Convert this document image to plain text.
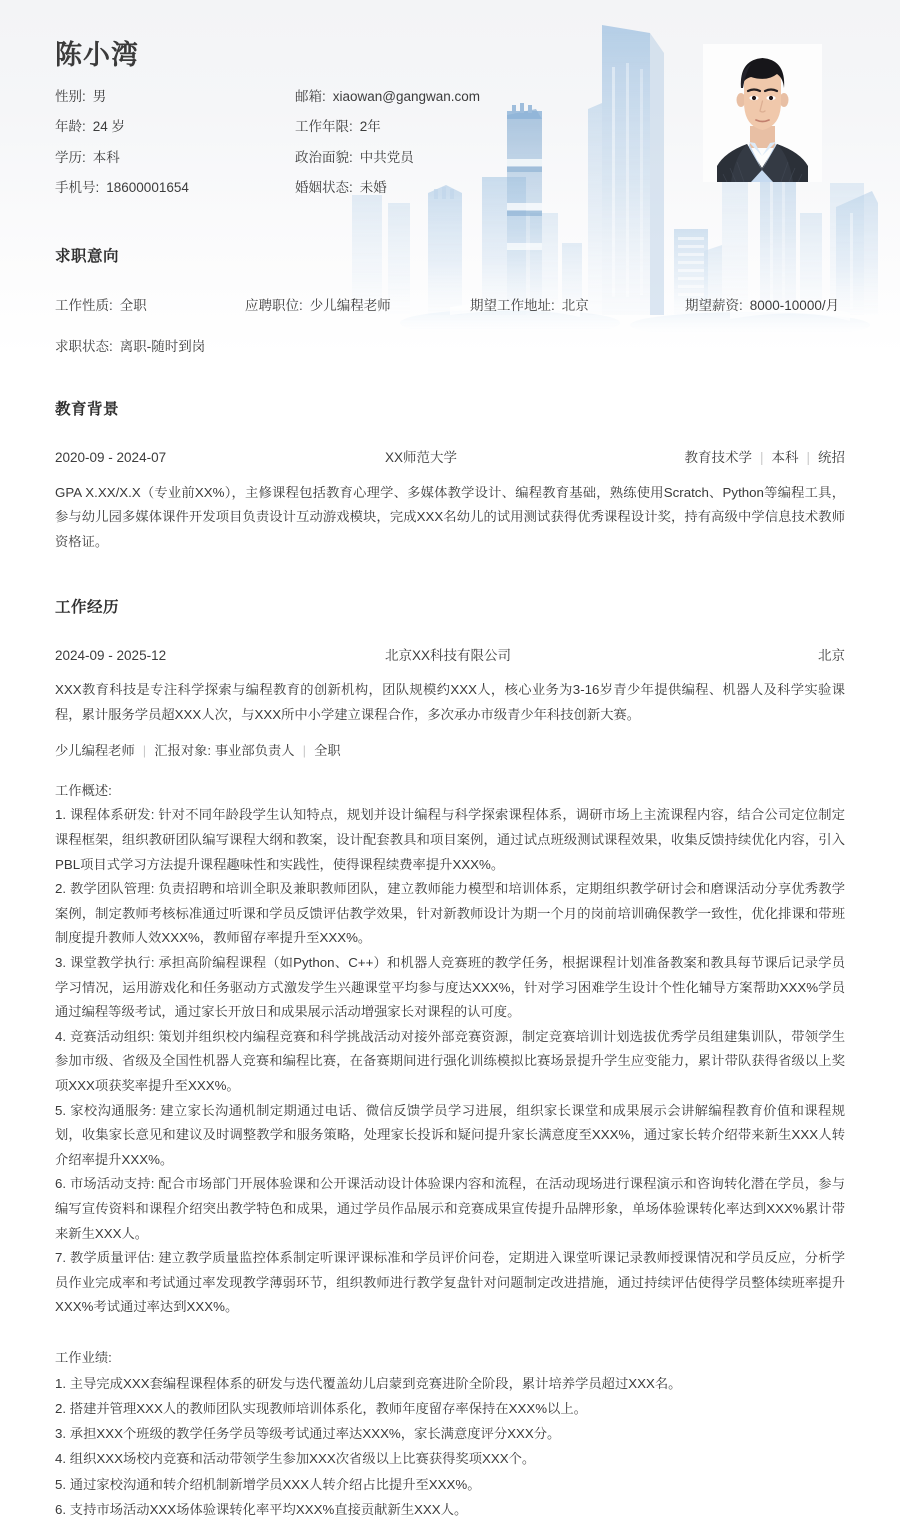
陈小湾
性别: 男	邮箱: xiaowan@gangwan.com
年龄: 24 岁	工作年限: 2年
学历: 本科	政治面貌: 中共党员
手机号: 18600001654	婚姻状态: 未婚
求职意向
工作性质: 全职	应聘职位: 少儿编程老师	期望工作地址: 北京	期望薪资: 8000-10000/月
求职状态: 离职-随时到岗
教育背景
2020-09 - 2024-07	XX师范大学	教育技术学 | 本科 | 统招
GPA X.XX/X.X（专业前XX%），主修课程包括教育心理学、多媒体教学设计、编程教育基础，熟练使用Scratch、Python等编程工具，参与幼儿园多媒体课件开发项目负责设计互动游戏模块，完成XXX名幼儿的试用测试获得优秀课程设计奖，持有高级中学信息技术教师资格证。
工作经历
2024-09 - 2025-12	北京XX科技有限公司	北京
XXX教育科技是专注科学探索与编程教育的创新机构，团队规模约XXX人，核心业务为3-16岁青少年提供编程、机器人及科学实验课程，累计服务学员超XXX人次，与XXX所中小学建立课程合作，多次承办市级青少年科技创新大赛。
少儿编程老师 | 汇报对象: 事业部负责人 | 全职
工作概述:
1. 课程体系研发: 针对不同年龄段学生认知特点，规划并设计编程与科学探索课程体系，调研市场上主流课程内容，结合公司定位制定课程框架，组织教研团队编写课程大纲和教案，设计配套教具和项目案例，通过试点班级测试课程效果，收集反馈持续优化内容，引入PBL项目式学习方法提升课程趣味性和实践性，使得课程续费率提升XXX%。
2. 教学团队管理: 负责招聘和培训全职及兼职教师团队，建立教师能力模型和培训体系，定期组织教学研讨会和磨课活动分享优秀教学案例，制定教师考核标准通过听课和学员反馈评估教学效果，针对新教师设计为期一个月的岗前培训确保教学一致性，优化排课和带班制度提升教师人效XXX%，教师留存率提升至XXX%。
3. 课堂教学执行: 承担高阶编程课程（如Python、C++）和机器人竞赛班的教学任务，根据课程计划准备教案和教具每节课后记录学员学习情况，运用游戏化和任务驱动方式激发学生兴趣课堂平均参与度达XXX%，针对学习困难学生设计个性化辅导方案帮助XXX%学员通过编程等级考试，通过家长开放日和成果展示活动增强家长对课程的认可度。
4. 竞赛活动组织: 策划并组织校内编程竞赛和科学挑战活动对接外部竞赛资源，制定竞赛培训计划选拔优秀学员组建集训队，带领学生参加市级、省级及全国性机器人竞赛和编程比赛，在备赛期间进行强化训练模拟比赛场景提升学生应变能力，累计带队获得省级以上奖项XXX项获奖率提升至XXX%。
5. 家校沟通服务: 建立家长沟通机制定期通过电话、微信反馈学员学习进展，组织家长课堂和成果展示会讲解编程教育价值和课程规划，收集家长意见和建议及时调整教学和服务策略，处理家长投诉和疑问提升家长满意度至XXX%，通过家长转介绍带来新生XXX人转介绍率提升XXX%。
6. 市场活动支持: 配合市场部门开展体验课和公开课活动设计体验课内容和流程，在活动现场进行课程演示和咨询转化潜在学员，参与编写宣传资料和课程介绍突出教学特色和成果，通过学员作品展示和竞赛成果宣传提升品牌形象，单场体验课转化率达到XXX%累计带来新生XXX人。
7. 教学质量评估: 建立教学质量监控体系制定听课评课标准和学员评价问卷，定期进入课堂听课记录教师授课情况和学员反应，分析学员作业完成率和考试通过率发现教学薄弱环节，组织教师进行教学复盘针对问题制定改进措施，通过持续评估使得学员整体续班率提升XXX%考试通过率达到XXX%。
工作业绩:
1. 主导完成XXX套编程课程体系的研发与迭代覆盖幼儿启蒙到竞赛进阶全阶段，累计培养学员超过XXX名。
2. 搭建并管理XXX人的教师团队实现教师培训体系化，教师年度留存率保持在XXX%以上。
3. 承担XXX个班级的教学任务学员等级考试通过率达XXX%，家长满意度评分XXX分。
4. 组织XXX场校内竞赛和活动带领学生参加XXX次省级以上比赛获得奖项XXX个。
5. 通过家校沟通和转介绍机制新增学员XXX人转介绍占比提升至XXX%。
6. 支持市场活动XXX场体验课转化率平均XXX%直接贡献新生XXX人。
